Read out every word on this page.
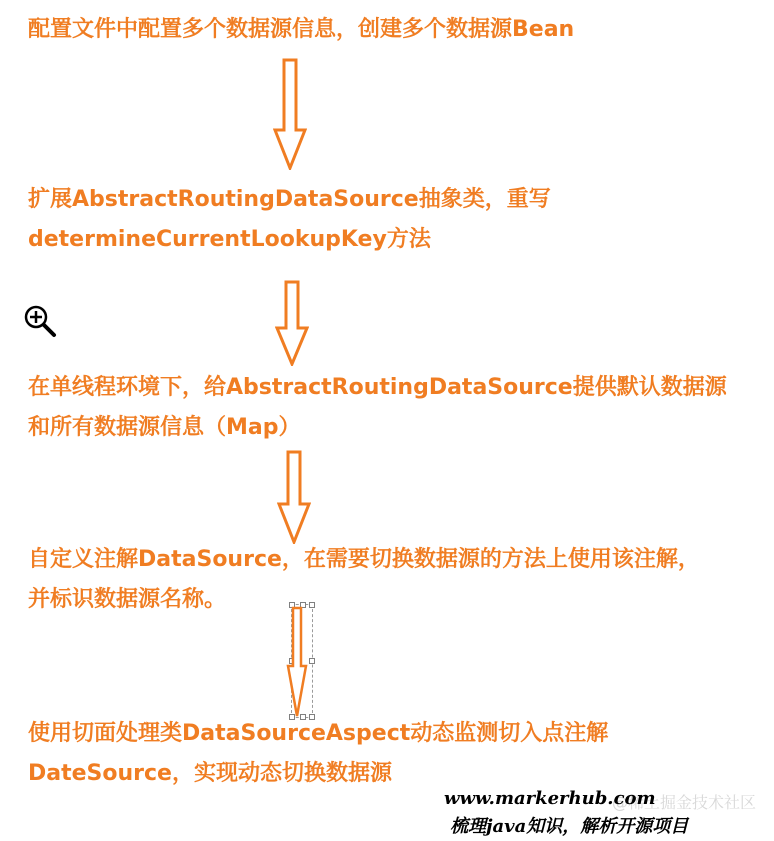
配置文件中配置多个数据源信息，创建多个数据源Bean
扩展AbstractRoutingDataSource抽象类，重写
determineCurrentLookupKey方法
在单线程环境下，给AbstractRoutingDataSource提供默认数据源
和所有数据源信息（Map）
自定义注解DataSource，在需要切换数据源的方法上使用该注解，
并标识数据源名称。
使用切面处理类DataSourceAspect动态监测切入点注解
DateSource，实现动态切换数据源
@稀土掘金技术社区
www.markerhub.com
梳理java知识，解析开源项目
